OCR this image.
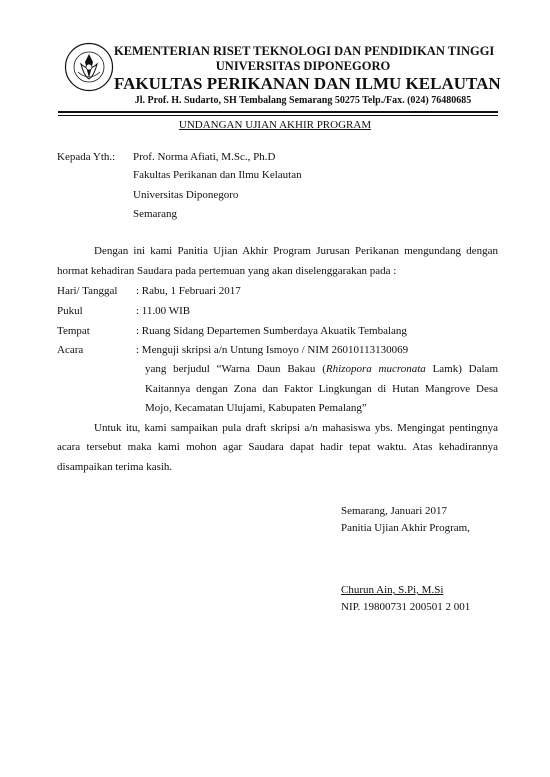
KEMENTERIAN RISET TEKNOLOGI DAN PENDIDIKAN TINGGI
UNIVERSITAS DIPONEGORO
FAKULTAS PERIKANAN DAN ILMU KELAUTAN
Jl. Prof. H. Sudarto, SH Tembalang Semarang 50275 Telp./Fax. (024) 76480685
UNDANGAN UJIAN AKHIR PROGRAM
Kepada Yth.: Prof. Norma Afiati, M.Sc., Ph.D
Fakultas Perikanan dan Ilmu Kelautan
Universitas Diponegoro
Semarang
Dengan ini kami Panitia Ujian Akhir Program Jurusan Perikanan mengundang dengan
hormat kehadiran Saudara pada pertemuan yang akan diselenggarakan pada :
Hari/ Tanggal : Rabu, 1 Februari 2017
Pukul	: 11.00 WIB
Tempat	: Ruang Sidang Departemen Sumberdaya Akuatik Tembalang
Acara	: Menguji skripsi a/n Untung Ismoyo / NIM 26010113130069
yang berjudul “Warna Daun Bakau (Rhizopora mucronata Lamk) Dalam
Kaitannya dengan Zona dan Faktor Lingkungan di Hutan Mangrove Desa
Mojo, Kecamatan Ulujami, Kabupaten Pemalang”
Untuk itu, kami sampaikan pula draft skripsi a/n mahasiswa ybs. Mengingat pentingnya
acara tersebut maka kami mohon agar Saudara dapat hadir tepat waktu. Atas kehadirannya
disampaikan terima kasih.
Semarang, Januari 2017
Panitia Ujian Akhir Program,
Churun Ain, S.Pi, M.Si
NIP. 19800731 200501 2 001
